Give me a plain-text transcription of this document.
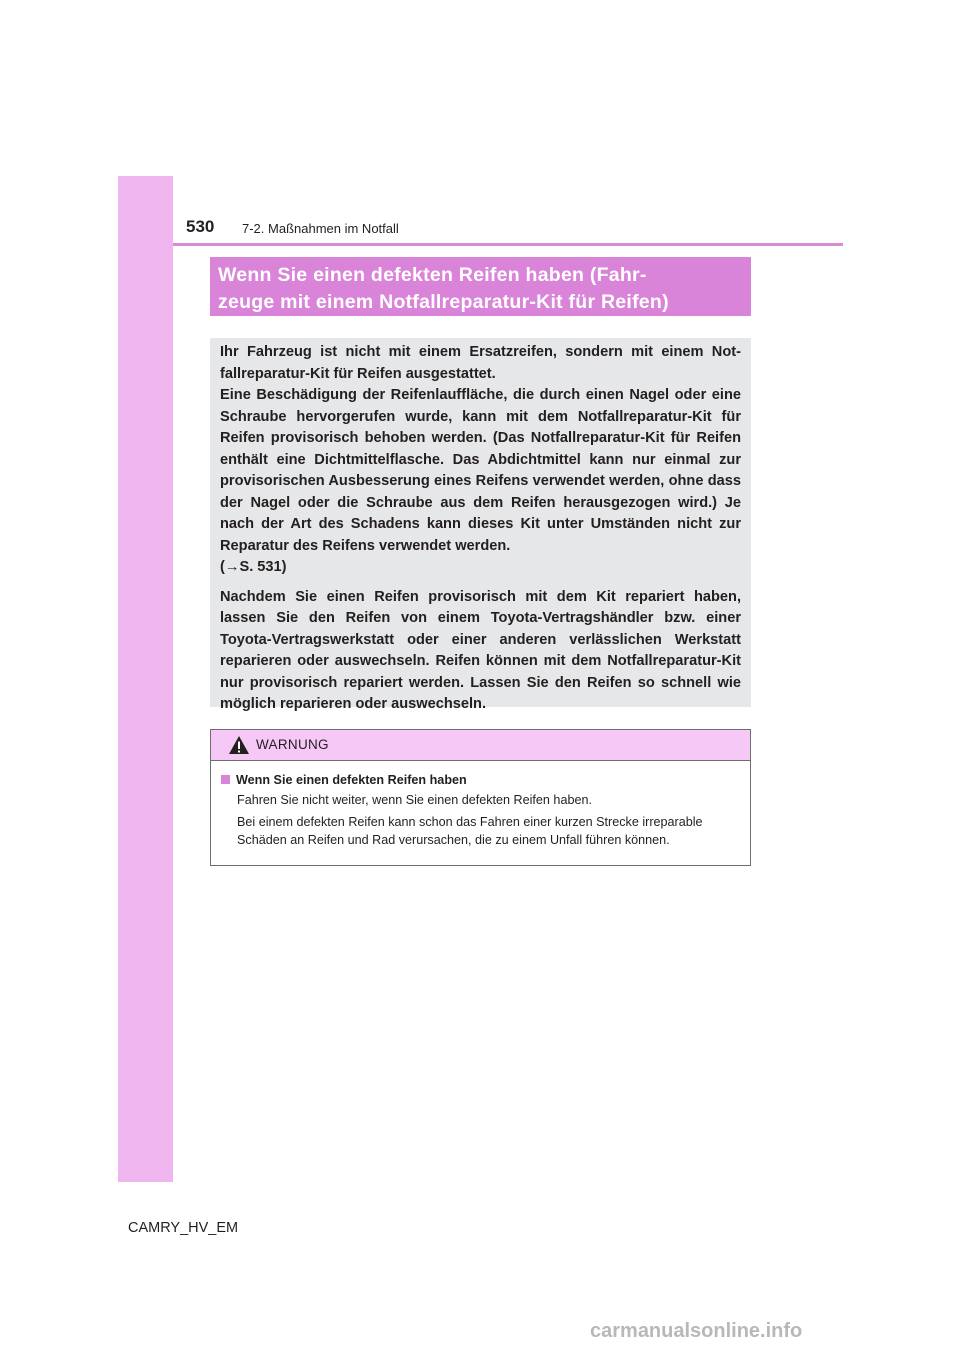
530 7-2. Maßnahmen im Notfall
Wenn Sie einen defekten Reifen haben (Fahr-
zeuge mit einem Notfallreparatur-Kit für Reifen)

Ihr Fahrzeug ist nicht mit einem Ersatzreifen, sondern mit einem Notfallreparatur-Kit für Reifen ausgestattet.

Eine Beschädigung der Reifenlauffläche, die durch einen Nagel oder eine Schraube hervorgerufen wurde, kann mit dem Notfallreparatur-Kit für Reifen provisorisch behoben werden. (Das Notfallreparatur-Kit für Reifen enthält eine Dichtmittelflasche. Das Abdichtmittel kann nur einmal zur provisorischen Ausbesserung eines Reifens verwendet werden, ohne dass der Nagel oder die Schraube aus dem Reifen herausgezogen wird.) Je nach der Art des Schadens kann dieses Kit unter Umständen nicht zur Reparatur des Reifens verwendet werden.
(→S. 531)

Nachdem Sie einen Reifen provisorisch mit dem Kit repariert haben, lassen Sie den Reifen von einem Toyota-Vertragshändler bzw. einer Toyota-Vertragswerkstatt oder einer anderen verlässlichen Werkstatt reparieren oder auswechseln. Reifen können mit dem Notfallreparatur-Kit nur provisorisch repariert werden. Lassen Sie den Reifen so schnell wie möglich reparieren oder auswechseln.

WARNUNG
Wenn Sie einen defekten Reifen haben

Fahren Sie nicht weiter, wenn Sie einen defekten Reifen haben.

Bei einem defekten Reifen kann schon das Fahren einer kurzen Strecke irreparable Schäden an Reifen und Rad verursachen, die zu einem Unfall führen können.

CAMRY_HV_EM
carmanualsonline.info
